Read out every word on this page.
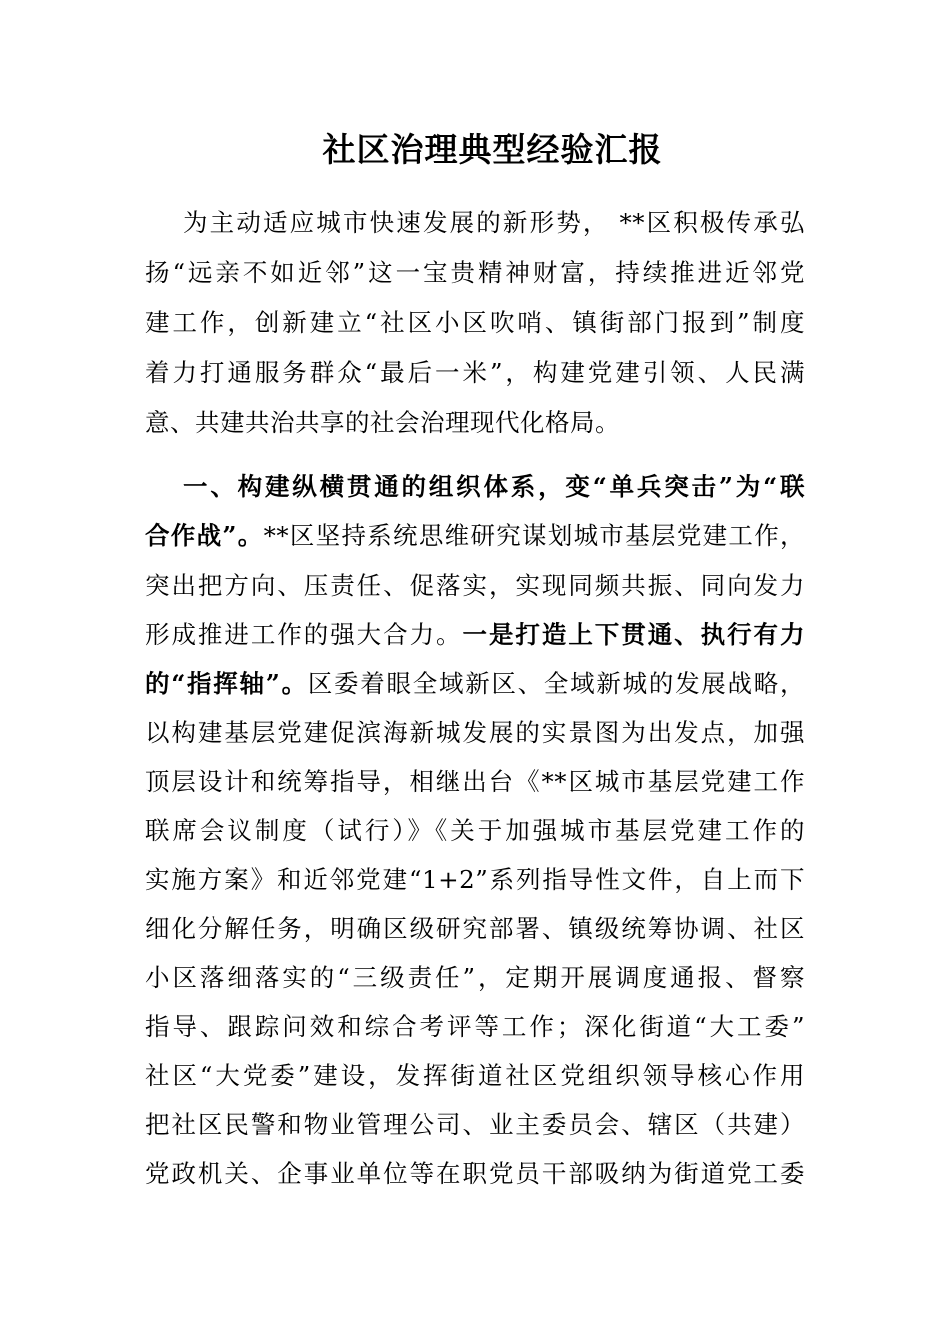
社区治理典型经验汇报
为主动适应城市快速发展的新形势， **区积极传承弘
扬“远亲不如近邻”这一宝贵精神财富，持续推进近邻党
建工作，创新建立“社区小区吹哨、镇街部门报到”制度
着力打通服务群众“最后一米”，构建党建引领、人民满
意、共建共治共享的社会治理现代化格局。
一、构建纵横贯通的组织体系，变“单兵突击”为“联
合作战”。**区坚持系统思维研究谋划城市基层党建工作，
突出把方向、压责任、促落实，实现同频共振、同向发力
形成推进工作的强大合力。一是打造上下贯通、执行有力
的“指挥轴”。区委着眼全域新区、全域新城的发展战略，
以构建基层党建促滨海新城发展的实景图为出发点，加强
顶层设计和统筹指导，相继出台《**区城市基层党建工作
联席会议制度（试行）》《关于加强城市基层党建工作的
实施方案》和近邻党建“1+2”系列指导性文件，自上而下
细化分解任务，明确区级研究部署、镇级统筹协调、社区
小区落细落实的“三级责任”，定期开展调度通报、督察
指导、跟踪问效和综合考评等工作；深化街道“大工委”
社区“大党委”建设，发挥街道社区党组织领导核心作用
把社区民警和物业管理公司、业主委员会、辖区（共建）
党政机关、企事业单位等在职党员干部吸纳为街道党工委
